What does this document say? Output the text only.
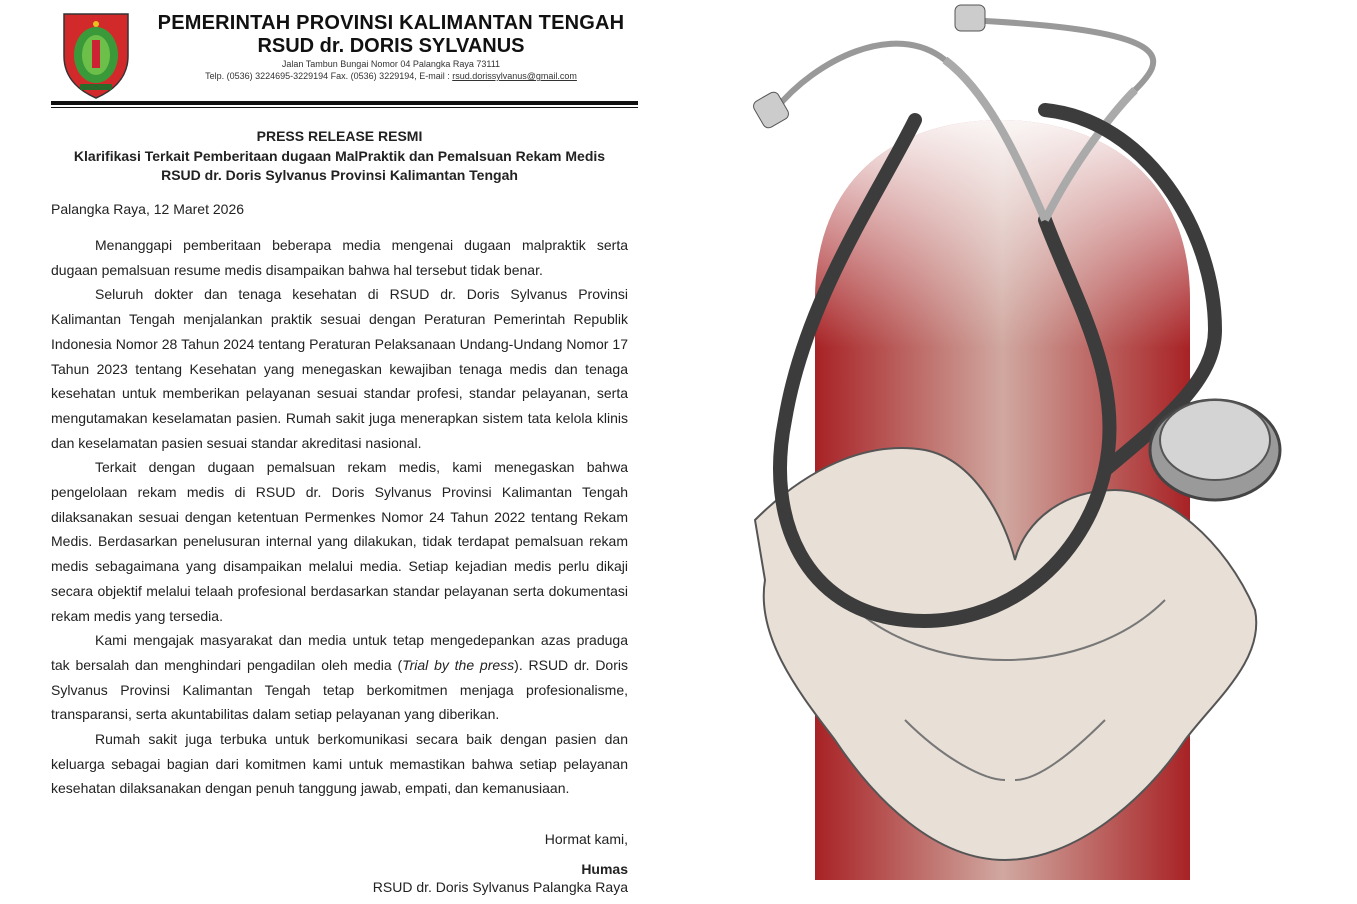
PEMERINTAH PROVINSI KALIMANTAN TENGAH
RSUD dr. DORIS SYLVANUS
Jalan Tambun Bungai Nomor 04 Palangka Raya 73111
Telp. (0536) 3224695-3229194 Fax. (0536) 3229194, E-mail : rsud.dorissylvanus@gmail.com
PRESS RELEASE RESMI
Klarifikasi Terkait Pemberitaan dugaan MalPraktik dan Pemalsuan Rekam Medis
RSUD dr. Doris Sylvanus Provinsi Kalimantan Tengah
Palangka Raya, 12 Maret 2026

Menanggapi pemberitaan beberapa media mengenai dugaan malpraktik serta dugaan pemalsuan resume medis disampaikan bahwa hal tersebut tidak benar.

Seluruh dokter dan tenaga kesehatan di RSUD dr. Doris Sylvanus Provinsi Kalimantan Tengah menjalankan praktik sesuai dengan Peraturan Pemerintah Republik Indonesia Nomor 28 Tahun 2024 tentang Peraturan Pelaksanaan Undang-Undang Nomor 17 Tahun 2023 tentang Kesehatan yang menegaskan kewajiban tenaga medis dan tenaga kesehatan untuk memberikan pelayanan sesuai standar profesi, standar pelayanan, serta mengutamakan keselamatan pasien. Rumah sakit juga menerapkan sistem tata kelola klinis dan keselamatan pasien sesuai standar akreditasi nasional.

Terkait dengan dugaan pemalsuan rekam medis, kami menegaskan bahwa pengelolaan rekam medis di RSUD dr. Doris Sylvanus Provinsi Kalimantan Tengah dilaksanakan sesuai dengan ketentuan Permenkes Nomor 24 Tahun 2022 tentang Rekam Medis. Berdasarkan penelusuran internal yang dilakukan, tidak terdapat pemalsuan rekam medis sebagaimana yang disampaikan melalui media. Setiap kejadian medis perlu dikaji secara objektif melalui telaah profesional berdasarkan standar pelayanan serta dokumentasi rekam medis yang tersedia.

Kami mengajak masyarakat dan media untuk tetap mengedepankan azas praduga tak bersalah dan menghindari pengadilan oleh media (Trial by the press). RSUD dr. Doris Sylvanus Provinsi Kalimantan Tengah tetap berkomitmen menjaga profesionalisme, transparansi, serta akuntabilitas dalam setiap pelayanan yang diberikan.

Rumah sakit juga terbuka untuk berkomunikasi secara baik dengan pasien dan keluarga sebagai bagian dari komitmen kami untuk memastikan bahwa setiap pelayanan kesehatan dilaksanakan dengan penuh tanggung jawab, empati, dan kemanusiaan.

Hormat kami,
Humas
RSUD dr. Doris Sylvanus Palangka Raya
